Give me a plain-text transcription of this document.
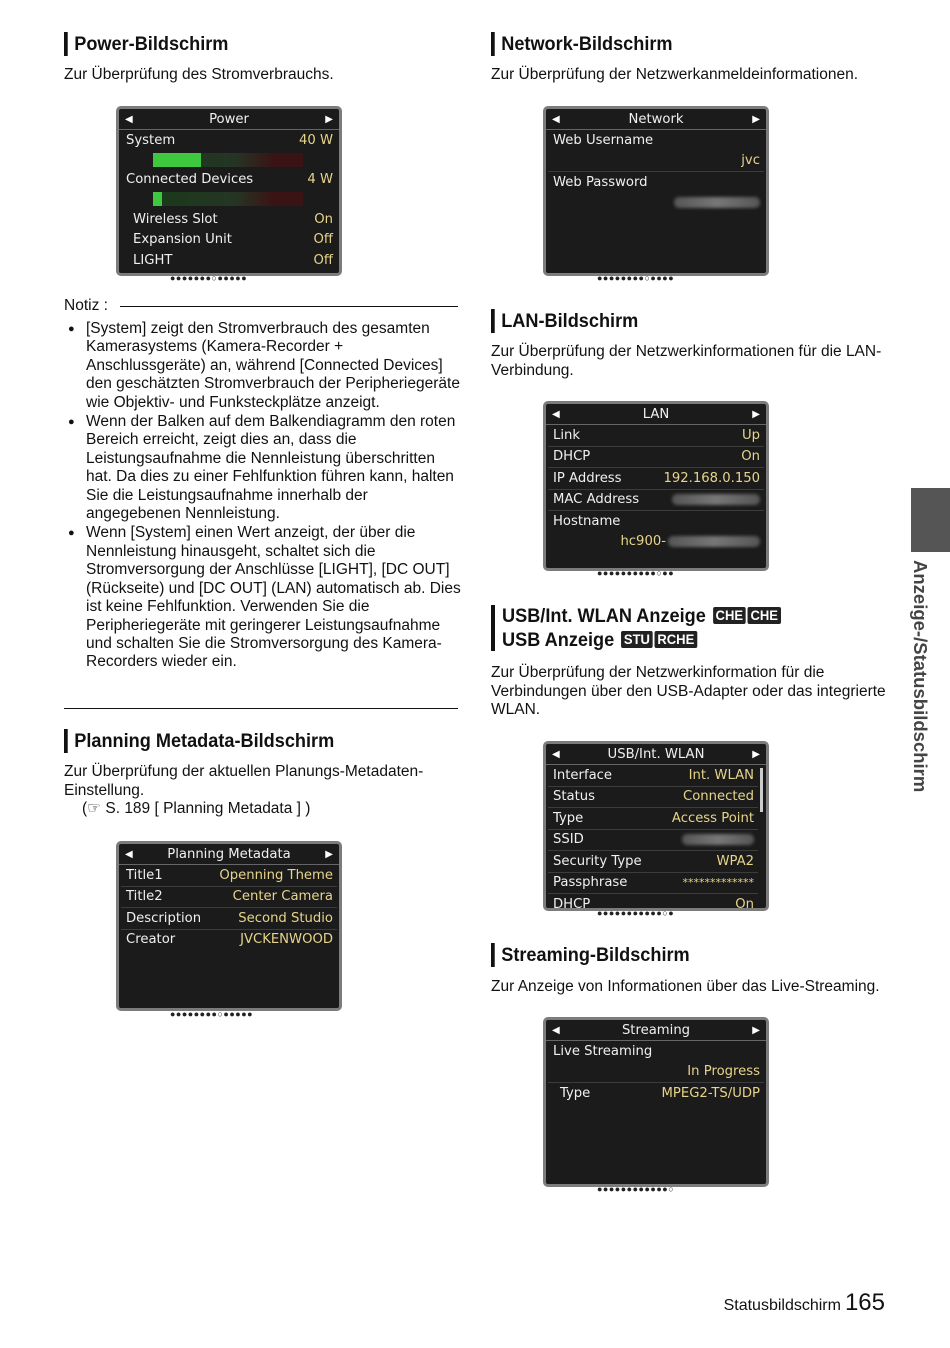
Power-Bildschirm
Zur Überprüfung des Stromverbrauchs.
◀	Power	▶
System	40 W
Connected Devices	4 W
Wireless Slot	On
Expansion Unit	Off
LIGHT	Off
●●●●●●●○●●●●●
Notiz :
● [System] zeigt den Stromverbrauch des gesamten Kamerasystems (Kamera-Recorder + Anschlussgeräte) an, während [Connected Devices] den geschätzten Stromverbrauch der Peripheriegeräte wie Objektiv- und Funksteckplätze anzeigt.
● Wenn der Balken auf dem Balkendiagramm den roten Bereich erreicht, zeigt dies an, dass die Leistungsaufnahme die Nennleistung überschritten hat. Da dies zu einer Fehlfunktion führen kann, halten Sie die Leistungsaufnahme innerhalb der angegebenen Nennleistung.
● Wenn [System] einen Wert anzeigt, der über die Nennleistung hinausgeht, schaltet sich die Stromversorgung der Anschlüsse [LIGHT], [DC OUT] (Rückseite) und [DC OUT] (LAN) automatisch ab. Dies ist keine Fehlfunktion. Verwenden Sie die Peripheriegeräte mit geringerer Leistungsaufnahme und schalten Sie die Stromversorgung des Kamera-Recorders wieder ein.
Planning Metadata-Bildschirm
Zur Überprüfung der aktuellen Planungs-Metadaten-Einstellung.
(☞ S. 189 [ Planning Metadata ] )
◀	Planning Metadata	▶
Title1	Openning Theme
Title2	Center Camera
Description	Second Studio
Creator	JVCKENWOOD
●●●●●●●●○●●●●●
Network-Bildschirm
Zur Überprüfung der Netzwerkanmeldeinformationen.
◀	Network	▶
Web Username
jvc
Web Password
●●●●●●●●○●●●●
LAN-Bildschirm
Zur Überprüfung der Netzwerkinformationen für die LAN-Verbindung.
◀	LAN	▶
Link	Up
DHCP	On
IP Address	192.168.0.150
MAC Address
Hostname
hc900-
●●●●●●●●●●○●●
USB/Int. WLAN Anzeige CHE CHE
USB Anzeige STU RCHE
Zur Überprüfung der Netzwerkinformation für die Verbindungen über den USB-Adapter oder das integrierte WLAN.
◀	USB/Int. WLAN	▶
Interface	Int. WLAN
Status	Connected
Type	Access Point
SSID
Security Type	WPA2
Passphrase	*************
DHCP	On
●●●●●●●●●●●○●
Streaming-Bildschirm
Zur Anzeige von Informationen über das Live-Streaming.
◀	Streaming	▶
Live Streaming
In Progress
Type	MPEG2-TS/UDP
●●●●●●●●●●●●○
Anzeige-/Statusbildschirm
Statusbildschirm 165
